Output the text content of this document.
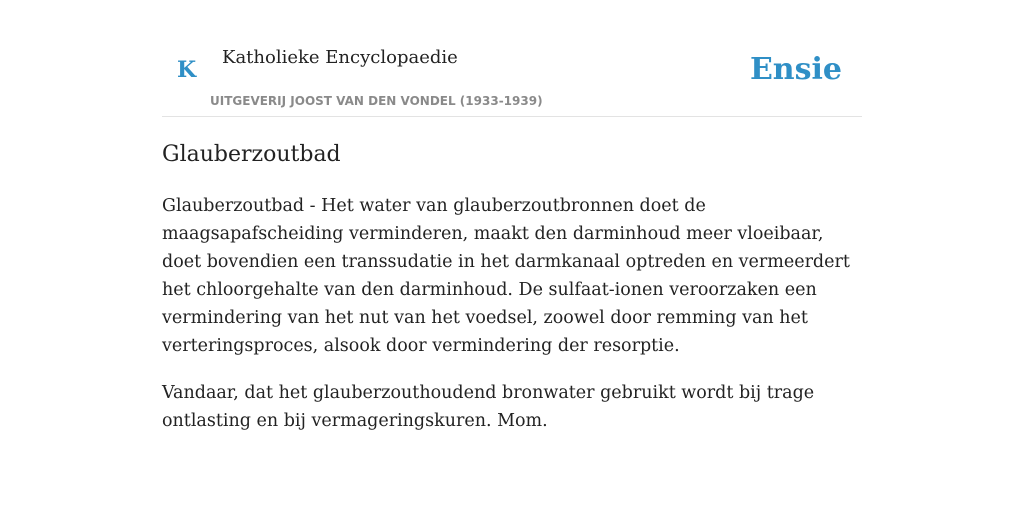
K Katholieke Encyclopaedie
UITGEVERIJ JOOST VAN DEN VONDEL (1933-1939)
Ensie
Glauberzoutbad

Glauberzoutbad - Het water van glauberzoutbronnen doet de maagsapafscheiding verminderen, maakt den darminhoud meer vloeibaar, doet bovendien een transsudatie in het darmkanaal optreden en vermeerdert het chloorgehalte van den darminhoud. De sulfaat-ionen veroorzaken een vermindering van het nut van het voedsel, zoowel door remming van het verteringsproces, alsook door vermindering der resorptie.

Vandaar, dat het glauberzouthoudend bronwater gebruikt wordt bij trage ontlasting en bij vermageringskuren. Mom.
